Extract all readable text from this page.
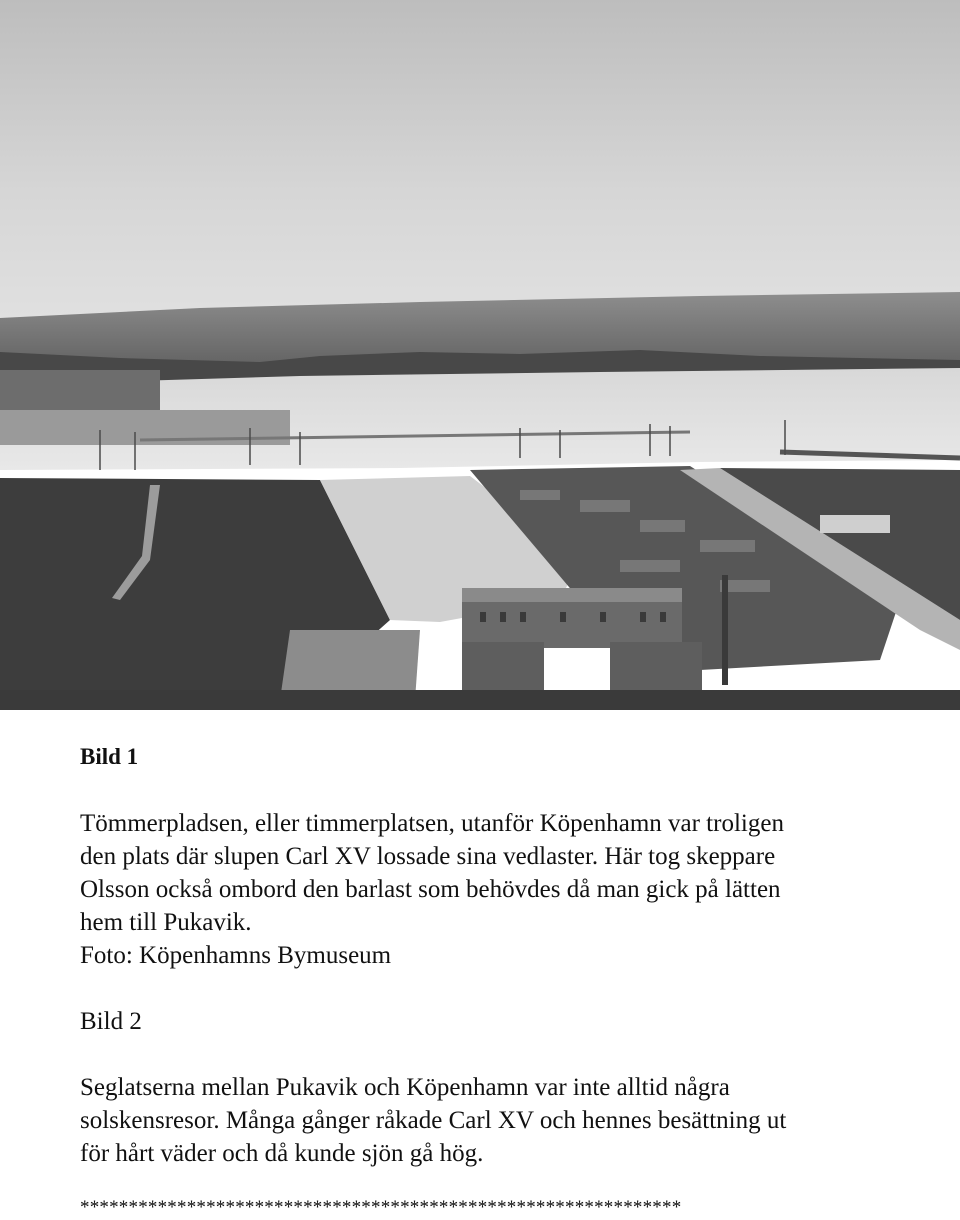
Bild 1

Tömmerpladsen, eller timmerplatsen, utanför Köpenhamn var troligen
den plats där slupen Carl XV lossade sina vedlaster. Här tog skeppare
Olsson också ombord den barlast som behövdes då man gick på lätten
hem till Pukavik.
Foto: Köpenhamns Bymuseum

Bild 2

Seglatserna mellan Pukavik och Köpenhamn var inte alltid några
solskensresor. Många gånger råkade Carl XV och hennes besättning ut
för hårt väder och då kunde sjön gå hög.

**************************************************************
